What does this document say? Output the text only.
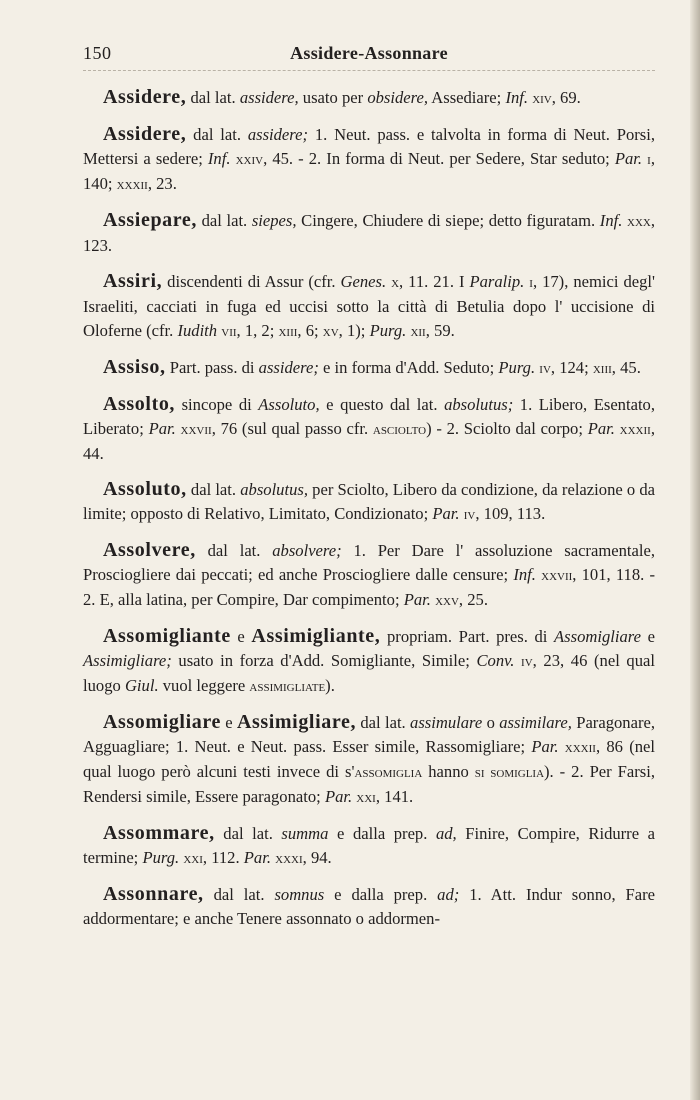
150	Assidere-Assonnare

Assidere, dal lat. assidere, usato per obsidere, Assediare; Inf. xiv, 69.

Assidere, dal lat. assidere; 1. Neut. pass. e talvolta in forma di Neut. Porsi, Mettersi a sedere; Inf. xxiv, 45. - 2. In forma di Neut. per Sedere, Star seduto; Par. i, 140; xxxii, 23.

Assiepare, dal lat. siepes, Cingere, Chiudere di siepe; detto figuratam. Inf. xxx, 123.

Assiri, discendenti di Assur (cfr. Genes. x, 11. 21. I Paralip. i, 17), nemici degl' Israeliti, cacciati in fuga ed uccisi sotto la città di Betulia dopo l' uccisione di Oloferne (cfr. Iudith vii, 1, 2; xiii, 6; xv, 1); Purg. xii, 59.

Assiso, Part. pass. di assidere; e in forma d'Add. Seduto; Purg. iv, 124; xiii, 45.

Assolto, sincope di Assoluto, e questo dal lat. absolutus; 1. Libero, Esentato, Liberato; Par. xxvii, 76 (sul qual passo cfr. asciolto) - 2. Sciolto dal corpo; Par. xxxii, 44.

Assoluto, dal lat. absolutus, per Sciolto, Libero da condizione, da relazione o da limite; opposto di Relativo, Limitato, Condizionato; Par. iv, 109, 113.

Assolvere, dal lat. absolvere; 1. Per Dare l' assoluzione sacramentale, Prosciogliere dai peccati; ed anche Prosciogliere dalle censure; Inf. xxvii, 101, 118. - 2. E, alla latina, per Compire, Dar compimento; Par. xxv, 25.

Assomigliante e Assimigliante, propriam. Part. pres. di Assomigliare e Assimigliare; usato in forza d'Add. Somigliante, Simile; Conv. iv, 23, 46 (nel qual luogo Giul. vuol leggere assimigliate).

Assomigliare e Assimigliare, dal lat. assimulare o assimilare, Paragonare, Agguagliare; 1. Neut. e Neut. pass. Esser simile, Rassomigliare; Par. xxxii, 86 (nel qual luogo però alcuni testi invece di s'assomiglia hanno si somiglia). - 2. Per Farsi, Rendersi simile, Essere paragonato; Par. xxi, 141.

Assommare, dal lat. summa e dalla prep. ad, Finire, Compire, Ridurre a termine; Purg. xxi, 112. Par. xxxi, 94.

Assonnare, dal lat. somnus e dalla prep. ad; 1. Att. Indur sonno, Fare addormentare; e anche Tenere assonnato o addormen-
